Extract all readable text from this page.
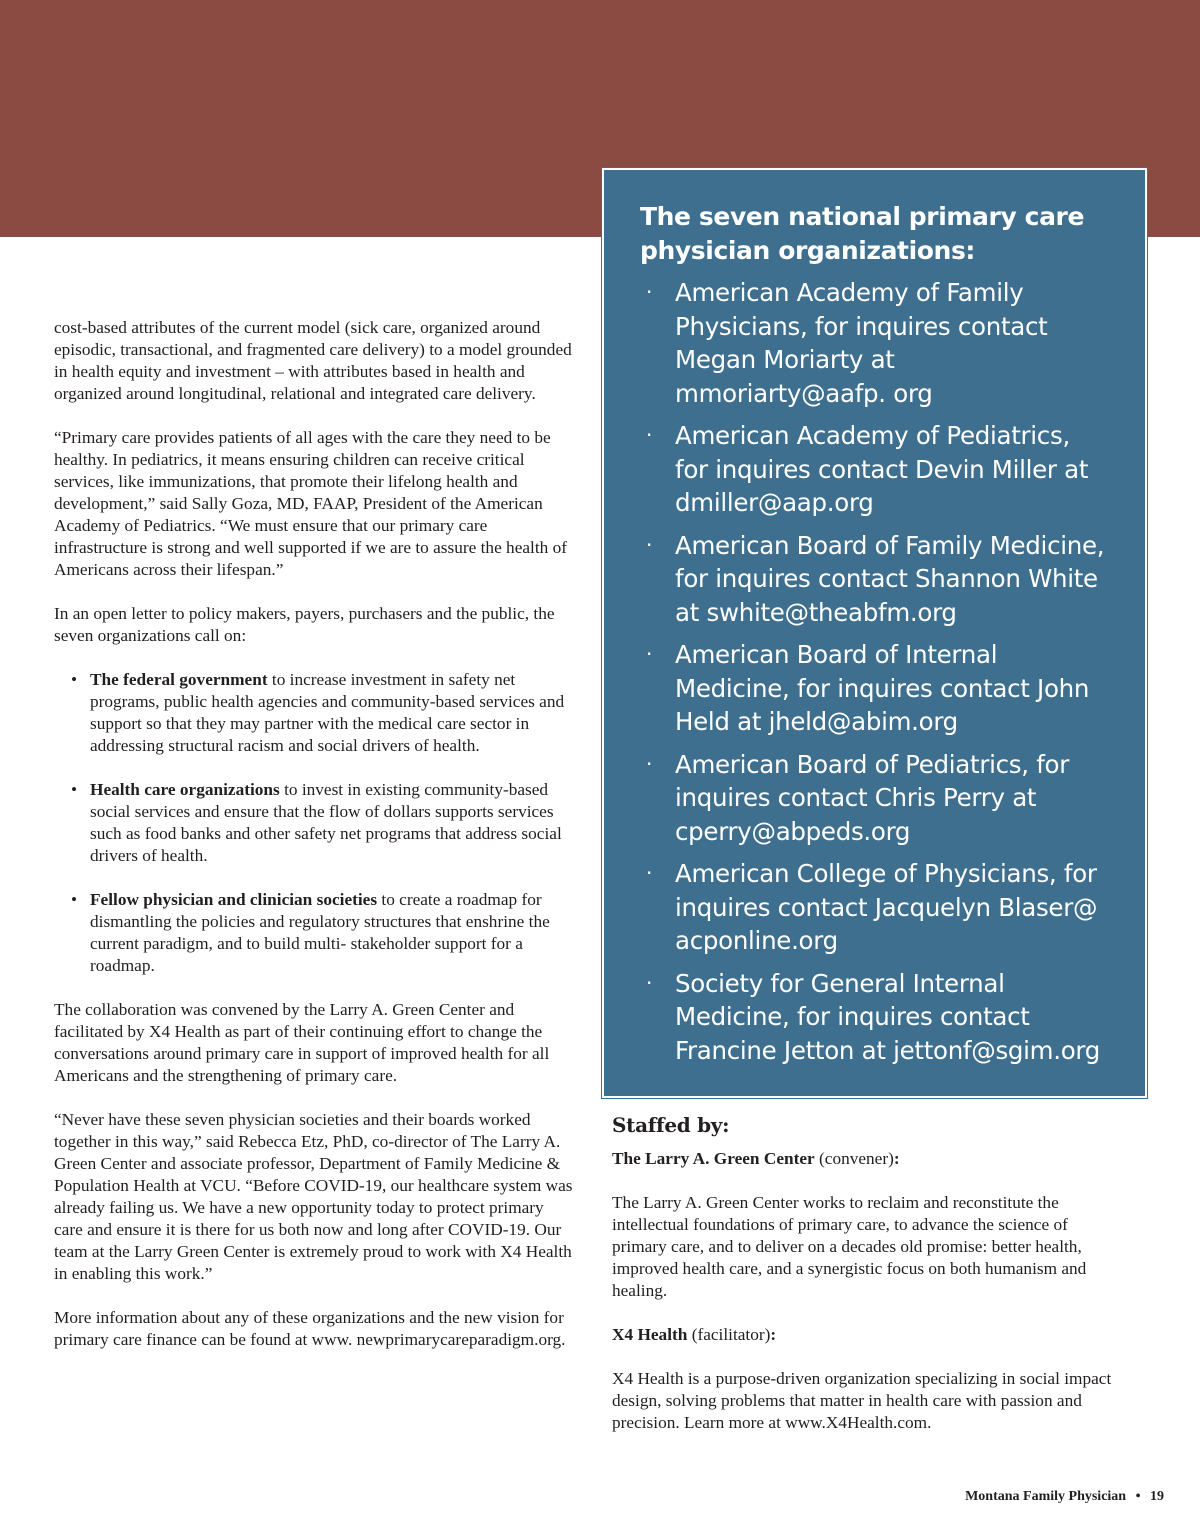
cost-based attributes of the current model (sick care, organized around episodic, transactional, and fragmented care delivery) to a model grounded in health equity and investment – with attributes based in health and organized around longitudinal, relational and integrated care delivery.

“Primary care provides patients of all ages with the care they need to be healthy. In pediatrics, it means ensuring children can receive critical services, like immunizations, that promote their lifelong health and development,” said Sally Goza, MD, FAAP, President of the American Academy of Pediatrics. “We must ensure that our primary care infrastructure is strong and well supported if we are to assure the health of Americans across their lifespan.”

In an open letter to policy makers, payers, purchasers and the public, the seven organizations call on:

• The federal government to increase investment in safety net programs, public health agencies and community-based services and support so that they may partner with the medical care sector in addressing structural racism and social drivers of health.
• Health care organizations to invest in existing community-based social services and ensure that the flow of dollars supports services such as food banks and other safety net programs that address social drivers of health.
• Fellow physician and clinician societies to create a roadmap for dismantling the policies and regulatory structures that enshrine the current paradigm, and to build multi- stakeholder support for a roadmap.

The collaboration was convened by the Larry A. Green Center and facilitated by X4 Health as part of their continuing effort to change the conversations around primary care in support of improved health for all Americans and the strengthening of primary care.

“Never have these seven physician societies and their boards worked together in this way,” said Rebecca Etz, PhD, co-director of The Larry A. Green Center and associate professor, Department of Family Medicine & Population Health at VCU. “Before COVID-19, our healthcare system was already failing us. We have a new opportunity today to protect primary care and ensure it is there for us both now and long after COVID-19. Our team at the Larry Green Center is extremely proud to work with X4 Health in enabling this work.”

More information about any of these organizations and the new vision for primary care finance can be found at www. newprimarycareparadigm.org.

The seven national primary care physician organizations:
· American Academy of Family Physicians, for inquires contact Megan Moriarty at mmoriarty@aafp. org
· American Academy of Pediatrics, for inquires contact Devin Miller at dmiller@aap.org
· American Board of Family Medicine, for inquires contact Shannon White at swhite@theabfm.org
· American Board of Internal Medicine, for inquires contact John Held at jheld@abim.org
· American Board of Pediatrics, for inquires contact Chris Perry at cperry@abpeds.org
· American College of Physicians, for inquires contact Jacquelyn Blaser@ acponline.org
· Society for General Internal Medicine, for inquires contact Francine Jetton at jettonf@sgim.org
Staffed by:

The Larry A. Green Center (convener):

The Larry A. Green Center works to reclaim and reconstitute the intellectual foundations of primary care, to advance the science of primary care, and to deliver on a decades old promise: better health, improved health care, and a synergistic focus on both humanism and healing.

X4 Health (facilitator):

X4 Health is a purpose-driven organization specializing in social impact design, solving problems that matter in health care with passion and precision. Learn more at www.X4Health.com.

Montana Family Physician • 19
